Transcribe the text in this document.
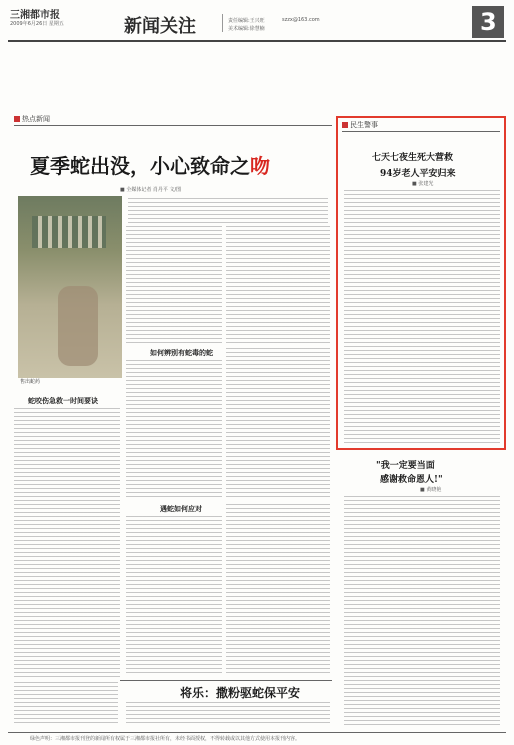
三湘都市报
2009年6月26日 星期五	新闻关注	责任编辑:王兴旺
美术编辑:徐慧楠
szzx@163.com	3
热点新闻
夏季蛇出没，小心致命之吻
■ 全媒体记者 肖丹平 文/图
售出蛇药
如何辨别有蛇毒的蛇
蛇咬伤急救一时间要诀
遇蛇如何应对
将乐：撒粉驱蛇保平安
民生警事
七天七夜生死大营救
94岁老人平安归来
■ 张建光
"我一定要当面
感谢救命恩人!"
■ 黄晓艳
绿色声明：三湘都市报刊登的新闻所有权属于三湘都市报社所有，未经书面授权，不得转载或以其他方式使用本报刊内容。
